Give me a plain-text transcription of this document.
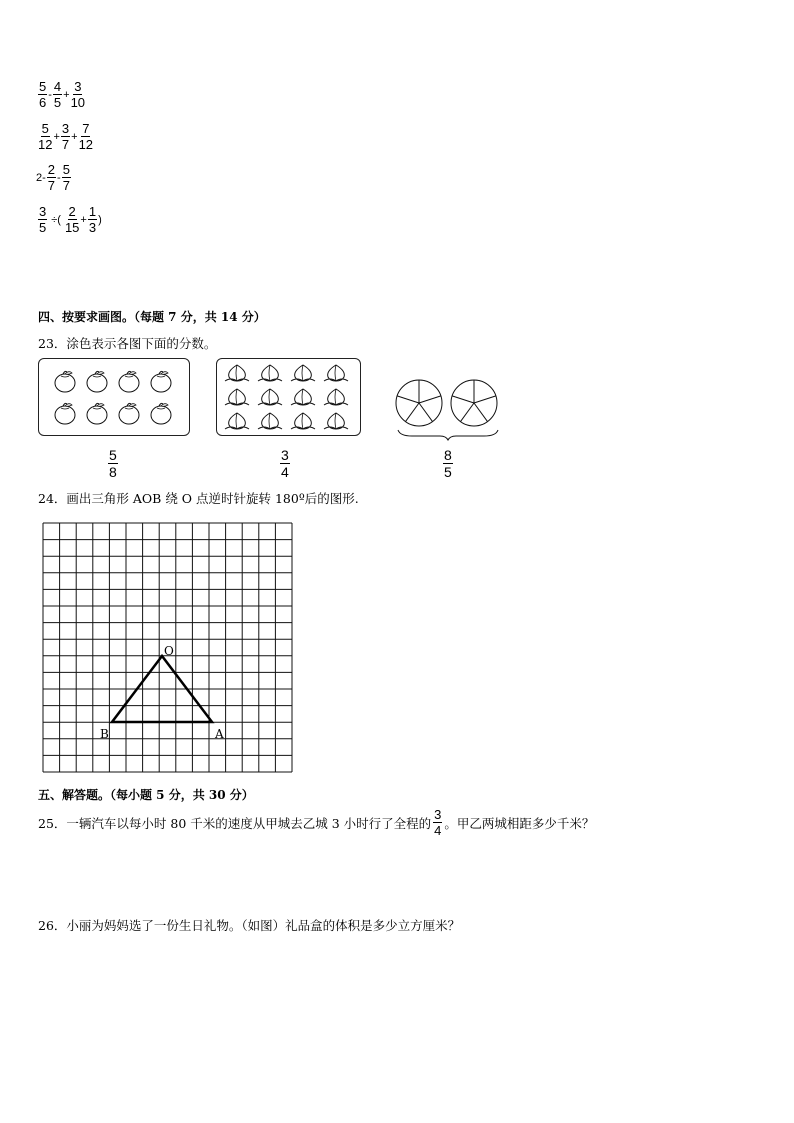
$\frac{5}{6} - \frac{4}{5} + \frac{3}{10}$
$\frac{5}{12} + \frac{3}{7} + \frac{7}{12}$
$2- \frac{2}{7} - \frac{5}{7}$
$\frac{3}{5}$ ÷( $\frac{2}{15} + \frac{1}{3}$ )
四、按要求画图。（每题 7 分，共 14 分）
23．涂色表示各图下面的分数。
$\frac{5}{8}$	$\frac{3}{4}$	$\frac{8}{5}$
24．画出三角形 AOB 绕 O 点逆时针旋转 180º后的图形.
O
B	A
五、解答题。（每小题 5 分，共 30 分）
25．一辆汽车以每小时 80 千米的速度从甲城去乙城 3 小时行了全程的 $\frac{3}{4}$ 。甲乙两城相距多少千米？
26．小丽为妈妈选了一份生日礼物。（如图）礼品盒的体积是多少立方厘米？
